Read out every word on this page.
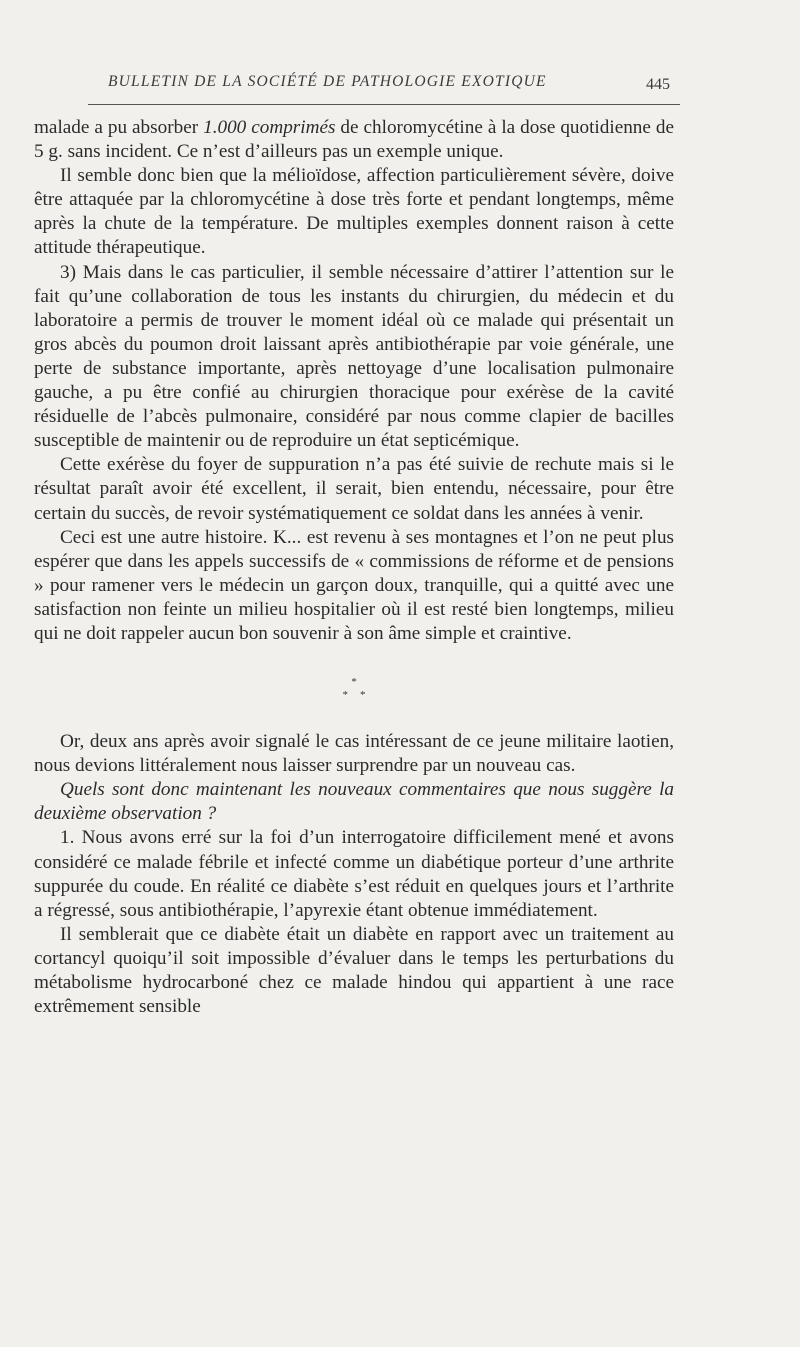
BULLETIN DE LA SOCIÉTÉ DE PATHOLOGIE EXOTIQUE	445

malade a pu absorber 1.000 comprimés de chloromycétine à la dose quotidienne de 5 g. sans incident. Ce n’est d’ailleurs pas un exemple unique.

Il semble donc bien que la mélioïdose, affection particulièrement sévère, doive être attaquée par la chloromycétine à dose très forte et pendant longtemps, même après la chute de la température. De multiples exemples donnent raison à cette attitude thérapeutique.

3) Mais dans le cas particulier, il semble nécessaire d’attirer l’attention sur le fait qu’une collaboration de tous les instants du chirurgien, du médecin et du laboratoire a permis de trouver le moment idéal où ce malade qui présentait un gros abcès du poumon droit laissant après antibiothérapie par voie générale, une perte de substance importante, après nettoyage d’une localisation pulmonaire gauche, a pu être confié au chirurgien thoracique pour exérèse de la cavité résiduelle de l’abcès pulmonaire, considéré par nous comme clapier de bacilles susceptible de maintenir ou de reproduire un état septicémique.

Cette exérèse du foyer de suppuration n’a pas été suivie de rechute mais si le résultat paraît avoir été excellent, il serait, bien entendu, nécessaire, pour être certain du succès, de revoir systématiquement ce soldat dans les années à venir.

Ceci est une autre histoire. K... est revenu à ses montagnes et l’on ne peut plus espérer que dans les appels successifs de « commissions de réforme et de pensions » pour ramener vers le médecin un garçon doux, tranquille, qui a quitté avec une satisfaction non feinte un milieu hospitalier où il est resté bien longtemps, milieu qui ne doit rappeler aucun bon souvenir à son âme simple et craintive.

*
* *

Or, deux ans après avoir signalé le cas intéressant de ce jeune militaire laotien, nous devions littéralement nous laisser surprendre par un nouveau cas.

Quels sont donc maintenant les nouveaux commentaires que nous suggère la deuxième observation ?

1. Nous avons erré sur la foi d’un interrogatoire difficilement mené et avons considéré ce malade fébrile et infecté comme un diabétique porteur d’une arthrite suppurée du coude. En réalité ce diabète s’est réduit en quelques jours et l’arthrite a régressé, sous antibiothérapie, l’apyrexie étant obtenue immédiatement.

Il semblerait que ce diabète était un diabète en rapport avec un traitement au cortancyl quoiqu’il soit impossible d’évaluer dans le temps les perturbations du métabolisme hydrocarboné chez ce malade hindou qui appartient à une race extrêmement sensible
